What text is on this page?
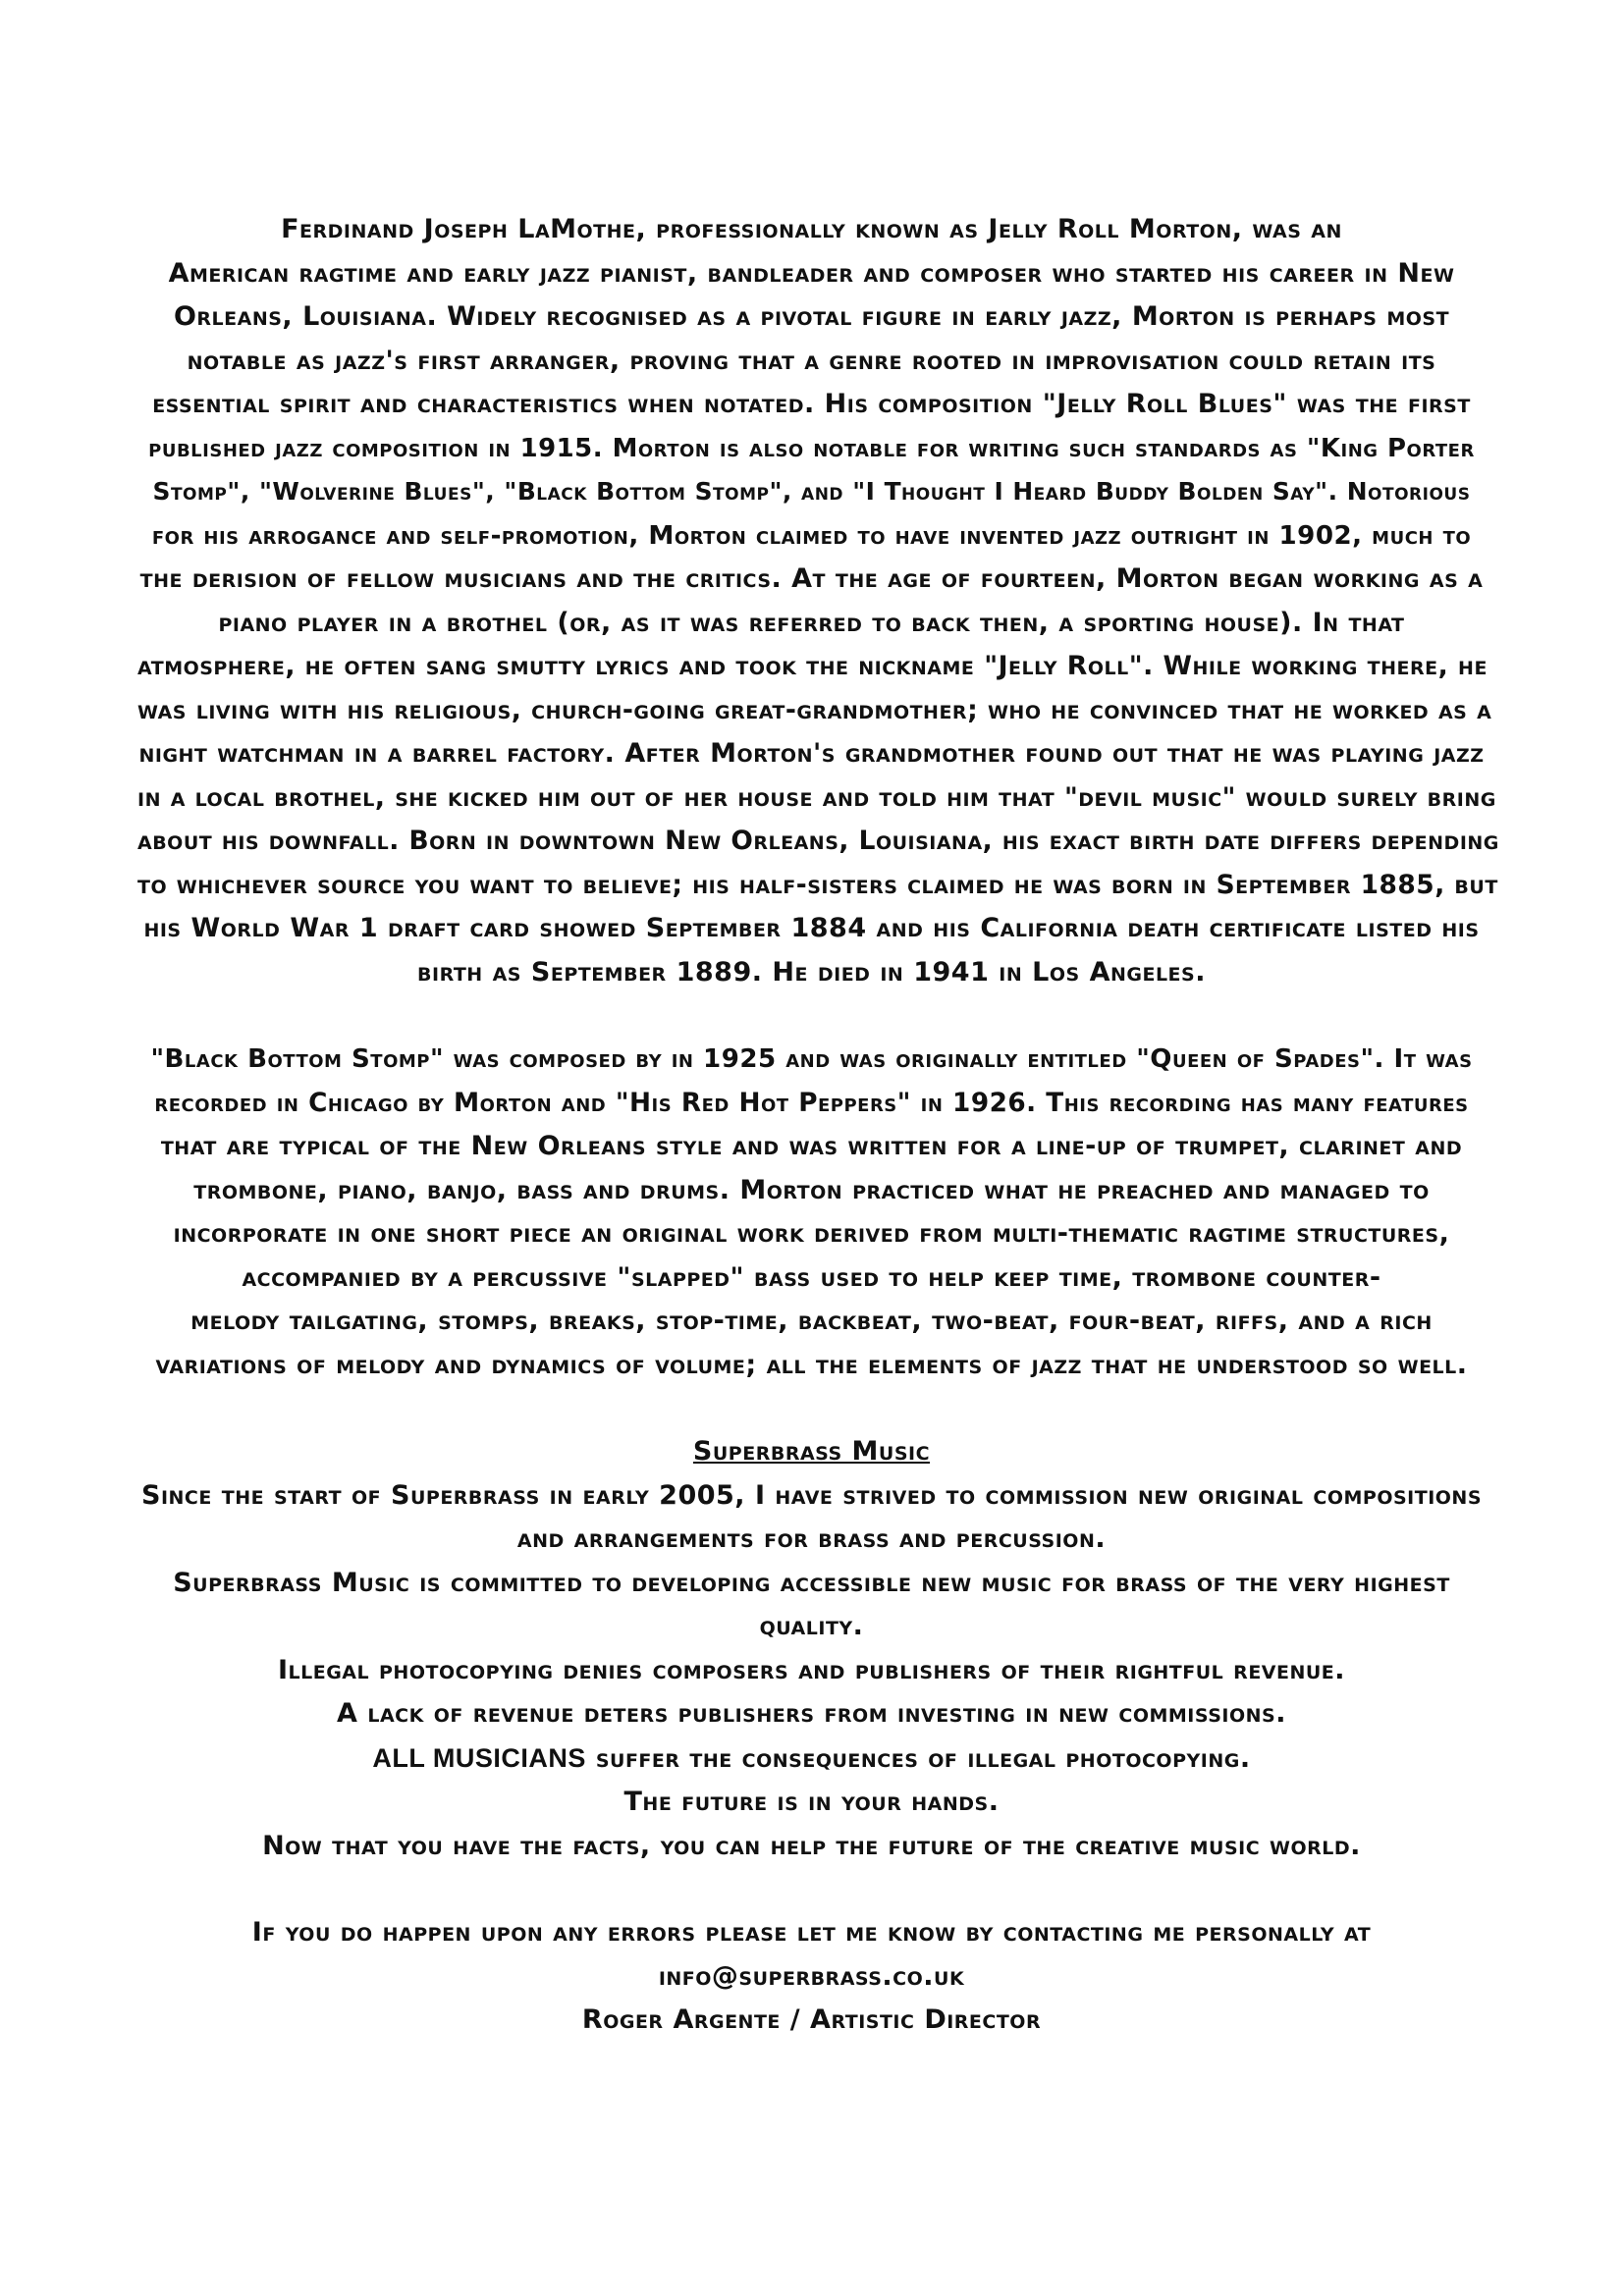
Ferdinand Joseph LaMothe, professionally known as Jelly Roll Morton, was an
American ragtime and early jazz pianist, bandleader and composer who started his career in New
Orleans, Louisiana. Widely recognised as a pivotal figure in early jazz, Morton is perhaps most
notable as jazz's first arranger, proving that a genre rooted in improvisation could retain its
essential spirit and characteristics when notated. His composition "Jelly Roll Blues" was the first
published jazz composition in 1915. Morton is also notable for writing such standards as "King Porter
Stomp", "Wolverine Blues", "Black Bottom Stomp", and "I Thought I Heard Buddy Bolden Say". Notorious
for his arrogance and self-promotion, Morton claimed to have invented jazz outright in 1902, much to
the derision of fellow musicians and the critics. At the age of fourteen, Morton began working as a
piano player in a brothel (or, as it was referred to back then, a sporting house). In that
atmosphere, he often sang smutty lyrics and took the nickname "Jelly Roll". While working there, he
was living with his religious, church-going great-grandmother; who he convinced that he worked as a
night watchman in a barrel factory. After Morton's grandmother found out that he was playing jazz
in a local brothel, she kicked him out of her house and told him that "devil music" would surely bring
about his downfall. Born in downtown New Orleans, Louisiana, his exact birth date differs depending
to whichever source you want to believe; his half-sisters claimed he was born in September 1885, but
his World War 1 draft card showed September 1884 and his California death certificate listed his
birth as September 1889. He died in 1941 in Los Angeles.
"Black Bottom Stomp" was composed by in 1925 and was originally entitled "Queen of Spades". It was
recorded in Chicago by Morton and "His Red Hot Peppers" in 1926. This recording has many features
that are typical of the New Orleans style and was written for a line-up of trumpet, clarinet and
trombone, piano, banjo, bass and drums. Morton practiced what he preached and managed to
incorporate in one short piece an original work derived from multi-thematic ragtime structures,
accompanied by a percussive "slapped" bass used to help keep time, trombone counter-
melody tailgating, stomps, breaks, stop-time, backbeat, two-beat, four-beat, riffs, and a rich
variations of melody and dynamics of volume; all the elements of jazz that he understood so well.
Superbrass Music
Since the start of Superbrass in early 2005, I have strived to commission new original compositions
and arrangements for brass and percussion.
Superbrass Music is committed to developing accessible new music for brass of the very highest
quality.
Illegal photocopying denies composers and publishers of their rightful revenue.
A lack of revenue deters publishers from investing in new commissions.
ALL MUSICIANS suffer the consequences of illegal photocopying.
The future is in your hands.
Now that you have the facts, you can help the future of the creative music world.
If you do happen upon any errors please let me know by contacting me personally at
info@superbrass.co.uk
Roger Argente / Artistic Director
